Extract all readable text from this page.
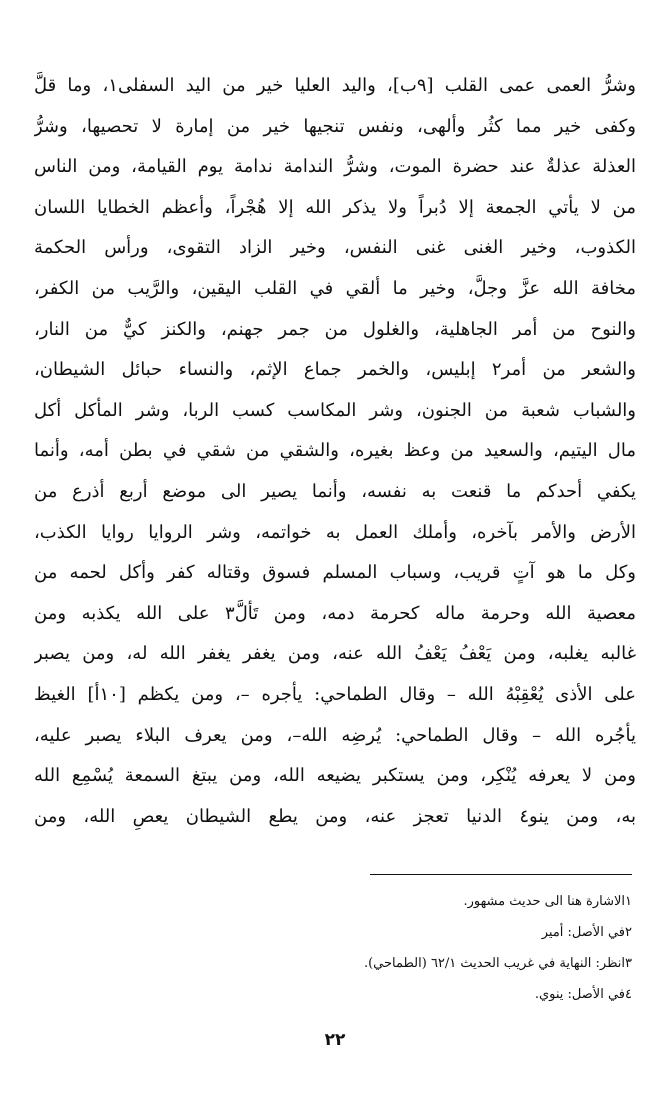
وشرُّ العمى عمى القلب [٩ب]، واليد العليا خير من اليد السفلى١، وما قلَّ
وكفى خير مما كثُر وألهى، ونفس تنجيها خير من إمارة لا تحصيها، وشرُّ
العذلة عذلةٌ عند حضرة الموت، وشرُّ الندامة ندامة يوم القيامة، ومن الناس
من لا يأتي الجمعة إلا دُبراً ولا يذكر الله إلا هُجْراً، وأعظم الخطايا اللسان
الكذوب، وخير الغنى غنى النفس، وخير الزاد التقوى، ورأس الحكمة
مخافة الله عزَّ وجلَّ، وخير ما ألقي في القلب اليقين، والرَّيب من الكفر،
والنوح من أمر الجاهلية، والغلول من جمر جهنم، والكنز كيٌّ من النار،
والشعر من أمر٢ إبليس، والخمر جماع الإثم، والنساء حبائل الشيطان،
والشباب شعبة من الجنون، وشر المكاسب كسب الربا، وشر المأكل أكل
مال اليتيم، والسعيد من وعظ بغيره، والشقي من شقي في بطن أمه، وأنما
يكفي أحدكم ما قنعت به نفسه، وأنما يصير الى موضع أربع أذرع من
الأرض والأمر بآخره، وأملك العمل به خواتمه، وشر الروايا روايا الكذب،
وكل ما هو آتٍ قريب، وسباب المسلم فسوق وقتاله كفر وأكل لحمه من
معصية الله وحرمة ماله كحرمة دمه، ومن تَألَّ٣ على الله يكذبه ومن
غالبه يغلبه، ومن يَعْفُ يَعْفُ الله عنه، ومن يغفر يغفر الله له، ومن يصبر
على الأذى يُعْقِبْهُ الله – وقال الطماحي: يأجره –، ومن يكظم [١٠أ] الغيظ
يأجُره الله – وقال الطماحي: يُرضِه الله–، ومن يعرف البلاء يصبر عليه،
ومن لا يعرفه يُنْكِر، ومن يستكبر يضيعه الله، ومن يبتغ السمعة يُسْمِع الله
به، ومن ينو٤ الدنيا تعجز عنه، ومن يطع الشيطان يعصِ الله، ومن
١الاشارة هنا الى حديث مشهور.
٢في الأصل: أمير
٣انظر: النهاية في غريب الحديث ٦٢/١ (الطماحي).
٤في الأصل: ينوي.
٢٢
